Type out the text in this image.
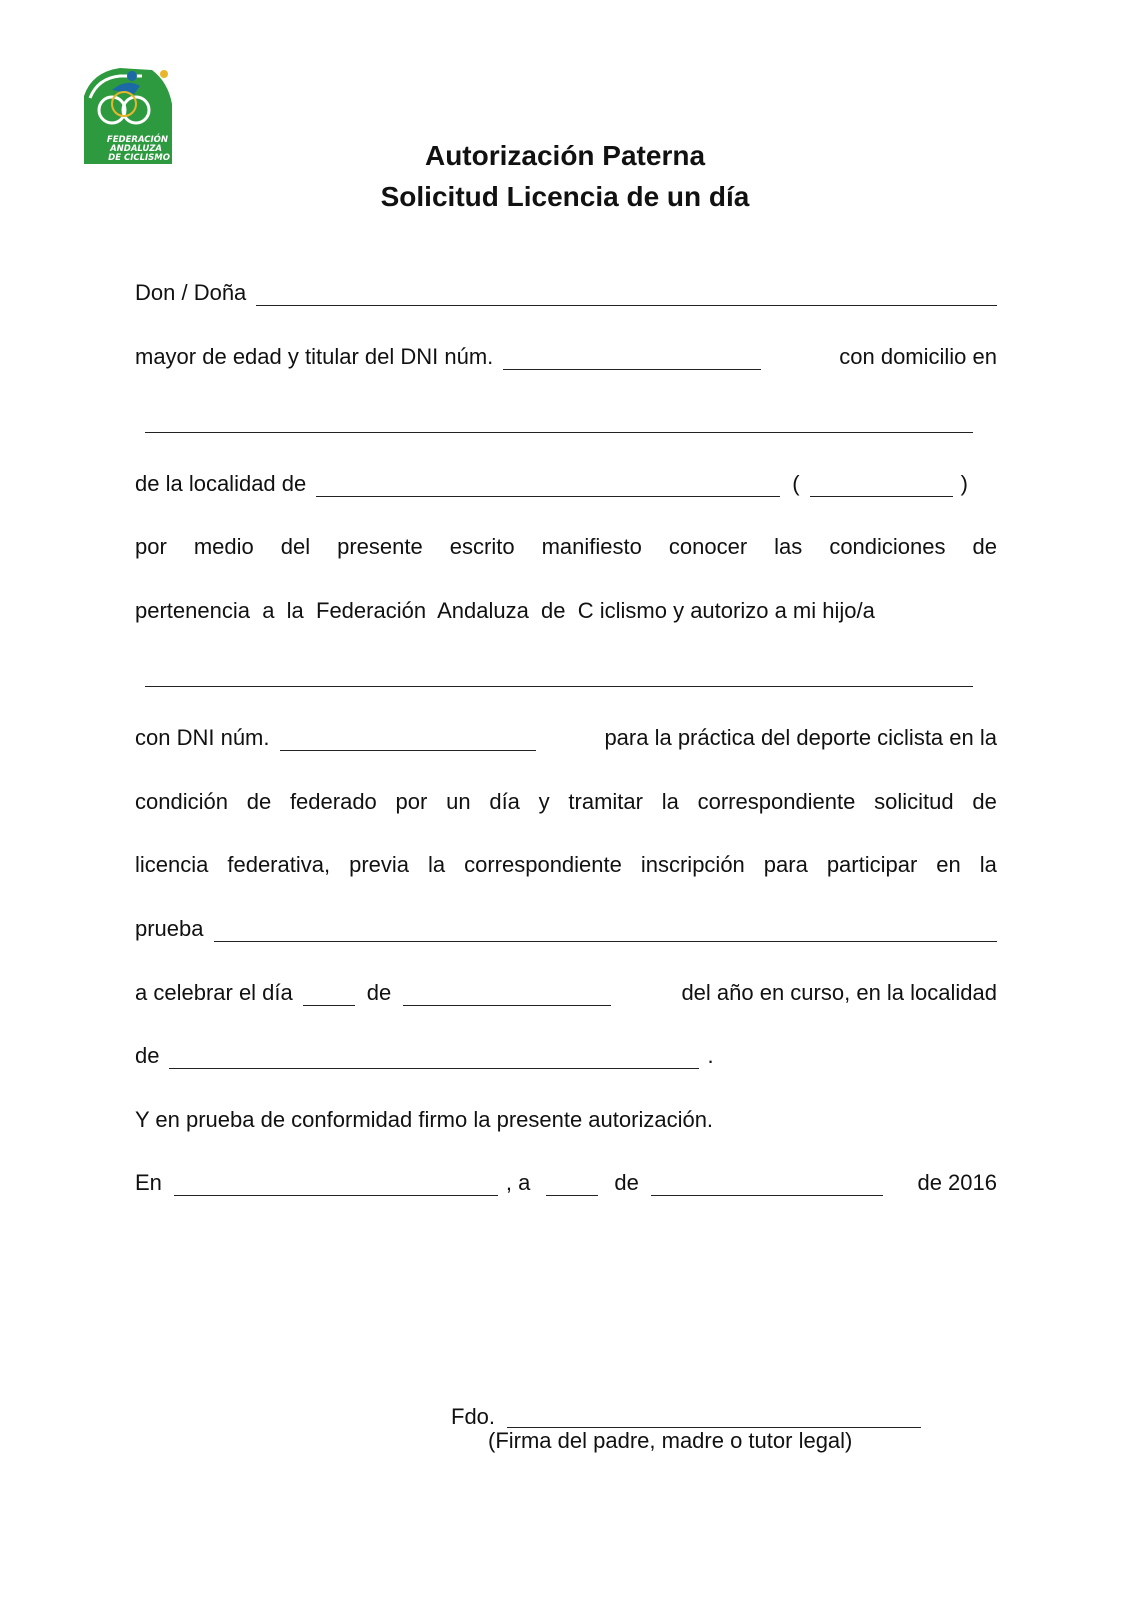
FEDERACIÓN
ANDALUZA
DE CICLISMO	Autorización Paterna
Solicitud Licencia de un día
Don / Doña
mayor de edad y titular del DNI núm.	con domicilio en
de la localidad de	(	)
por medio del presente escrito manifiesto conocer las condiciones de
pertenencia  a  la  Federación  Andaluza  de  C iclismo y autorizo a mi hijo/a
con DNI núm.	para la práctica del deporte ciclista en la
condición de federado por un día y tramitar la correspondiente solicitud de
licencia federativa, previa la correspondiente inscripción para participar en la
prueba
a celebrar el día	de	del año en curso, en la localidad
de	.
Y en prueba de conformidad firmo la presente autorización.
En	, a	de	de 2016
Fdo.
(Firma del padre, madre o tutor legal)
